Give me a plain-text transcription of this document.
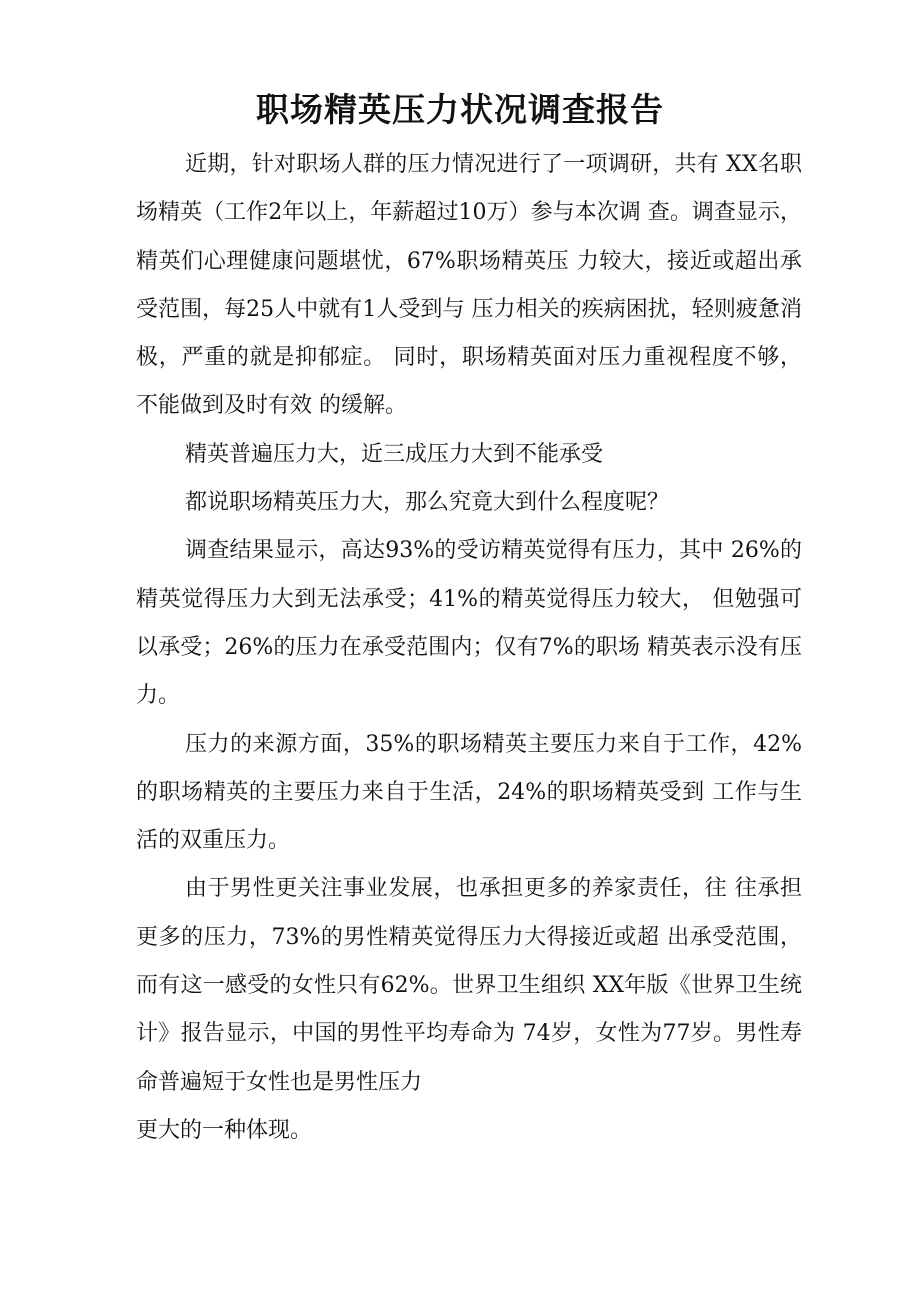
职场精英压力状况调查报告

近期，针对职场人群的压力情况进行了一项调研，共有 XX名职场精英（工作2年以上，年薪超过10万）参与本次调 查。调查显示，精英们心理健康问题堪忧，67%职场精英压 力较大，接近或超出承受范围，每25人中就有1人受到与 压力相关的疾病困扰，轻则疲惫消极，严重的就是抑郁症。 同时，职场精英面对压力重视程度不够，不能做到及时有效 的缓解。

精英普遍压力大，近三成压力大到不能承受

都说职场精英压力大，那么究竟大到什么程度呢？

调查结果显示，高达93%的受访精英觉得有压力，其中 26%的精英觉得压力大到无法承受；41%的精英觉得压力较大， 但勉强可以承受；26%的压力在承受范围内；仅有7%的职场 精英表示没有压力。

压力的来源方面，35%的职场精英主要压力来自于工作，42%的职场精英的主要压力来自于生活，24%的职场精英受到 工作与生活的双重压力。

由于男性更关注事业发展，也承担更多的养家责任，往 往承担更多的压力，73%的男性精英觉得压力大得接近或超 出承受范围，而有这一感受的女性只有62%。世界卫生组织 XX年版《世界卫生统计》报告显示，中国的男性平均寿命为 74岁，女性为77岁。男性寿命普遍短于女性也是男性压力

更大的一种体现。
